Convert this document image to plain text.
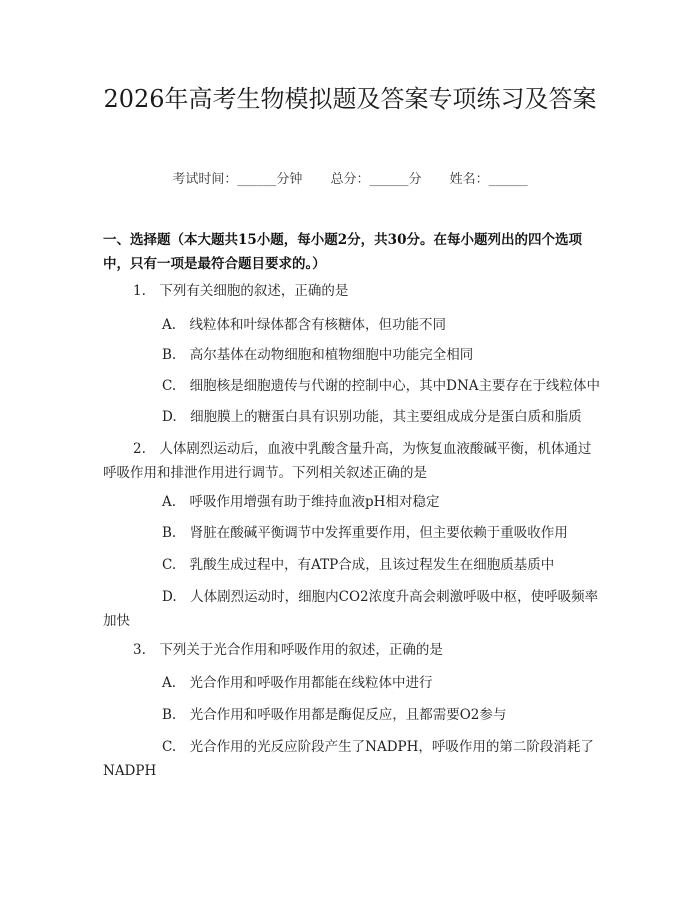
2026年高考生物模拟题及答案专项练习及答案
考试时间：______分钟 总分：______分 姓名：______
一、选择题（本大题共15小题，每小题2分，共30分。在每小题列出的四个选项中，只有一项是最符合题目要求的。）
1.　下列有关细胞的叙述，正确的是
A.　线粒体和叶绿体都含有核糖体，但功能不同
B.　高尔基体在动物细胞和植物细胞中功能完全相同
C.　细胞核是细胞遗传与代谢的控制中心，其中DNA主要存在于线粒体中
D.　细胞膜上的糖蛋白具有识别功能，其主要组成成分是蛋白质和脂质
2.　人体剧烈运动后，血液中乳酸含量升高，为恢复血液酸碱平衡，机体通过呼吸作用和排泄作用进行调节。下列相关叙述正确的是
A.　呼吸作用增强有助于维持血液pH相对稳定
B.　肾脏在酸碱平衡调节中发挥重要作用，但主要依赖于重吸收作用
C.　乳酸生成过程中，有ATP合成，且该过程发生在细胞质基质中
D.　人体剧烈运动时，细胞内CO2浓度升高会刺激呼吸中枢，使呼吸频率加快
3.　下列关于光合作用和呼吸作用的叙述，正确的是
A.　光合作用和呼吸作用都能在线粒体中进行
B.　光合作用和呼吸作用都是酶促反应，且都需要O2参与
C.　光合作用的光反应阶段产生了NADPH，呼吸作用的第二阶段消耗了NADPH
